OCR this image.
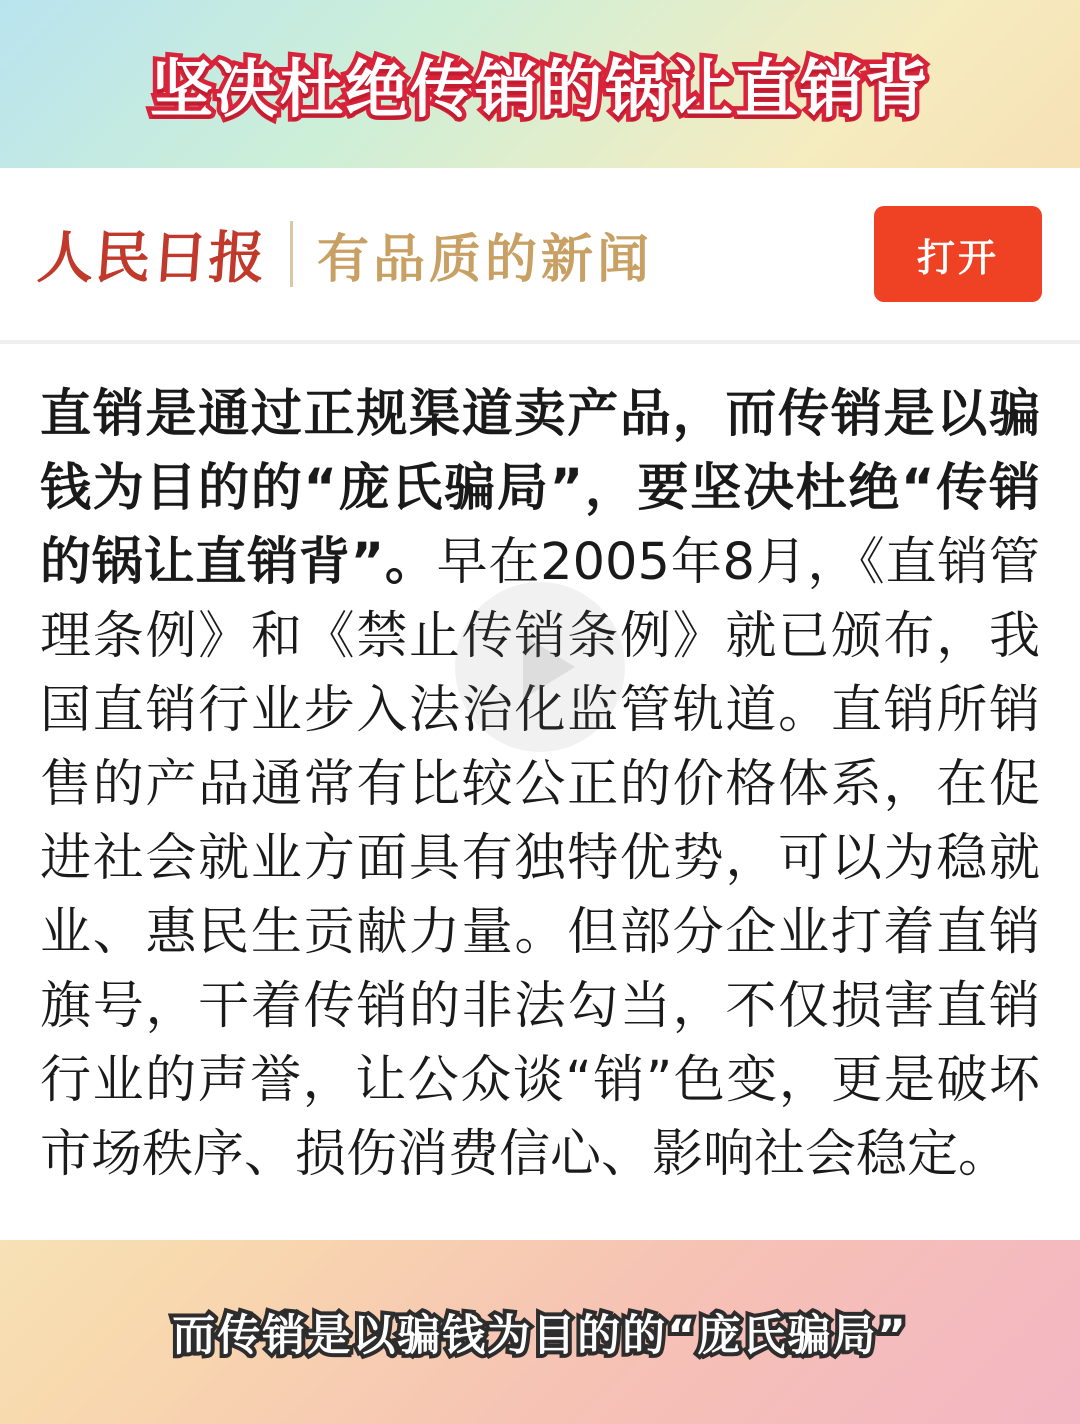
坚决杜绝传销的锅让直销背
人民日报 有品质的新闻	打开

直销是通过正规渠道卖产品，而传销是以骗钱为目的的“庞氏骗局”，要坚决杜绝“传销的锅让直销背”。早在2005年8月，《直销管理条例》和《禁止传销条例》就已颁布，我国直销行业步入法治化监管轨道。直销所销售的产品通常有比较公正的价格体系，在促进社会就业方面具有独特优势，可以为稳就业、惠民生贡献力量。但部分企业打着直销旗号，干着传销的非法勾当，不仅损害直销行业的声誉，让公众谈“销”色变，更是破坏市场秩序、损伤消费信心、影响社会稳定。

而传销是以骗钱为目的的“庞氏骗局”
